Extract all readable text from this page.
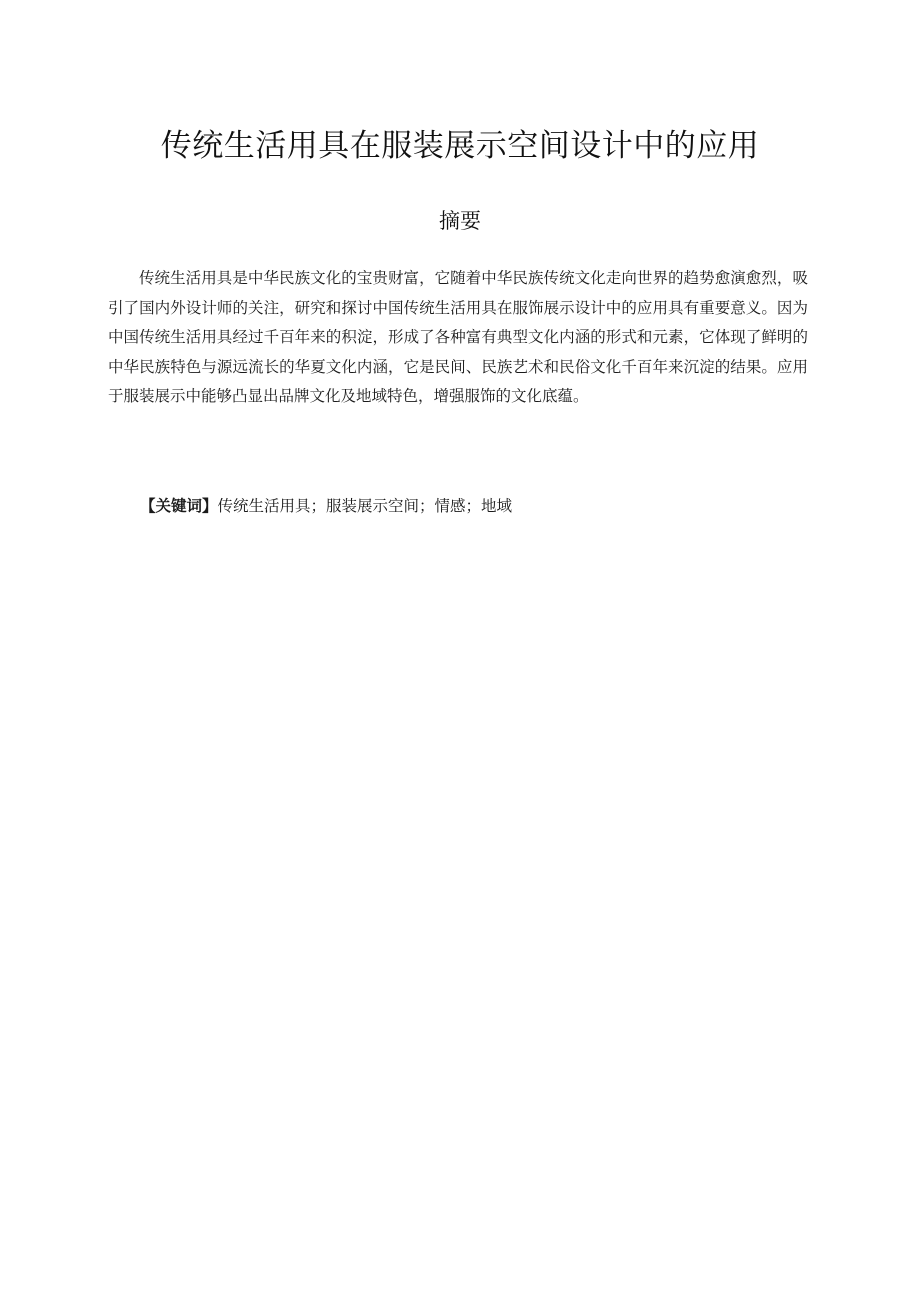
传统生活用具在服装展示空间设计中的应用
摘要

传统生活用具是中华民族文化的宝贵财富，它随着中华民族传统文化走向世界的趋势愈演愈烈，吸引了国内外设计师的关注，研究和探讨中国传统生活用具在服饰展示设计中的应用具有重要意义。因为中国传统生活用具经过千百年来的积淀，形成了各种富有典型文化内涵的形式和元素，它体现了鲜明的中华民族特色与源远流长的华夏文化内涵，它是民间、民族艺术和民俗文化千百年来沉淀的结果。应用于服装展示中能够凸显出品牌文化及地域特色，增强服饰的文化底蕴。

【关键词】传统生活用具；服装展示空间；情感；地域
